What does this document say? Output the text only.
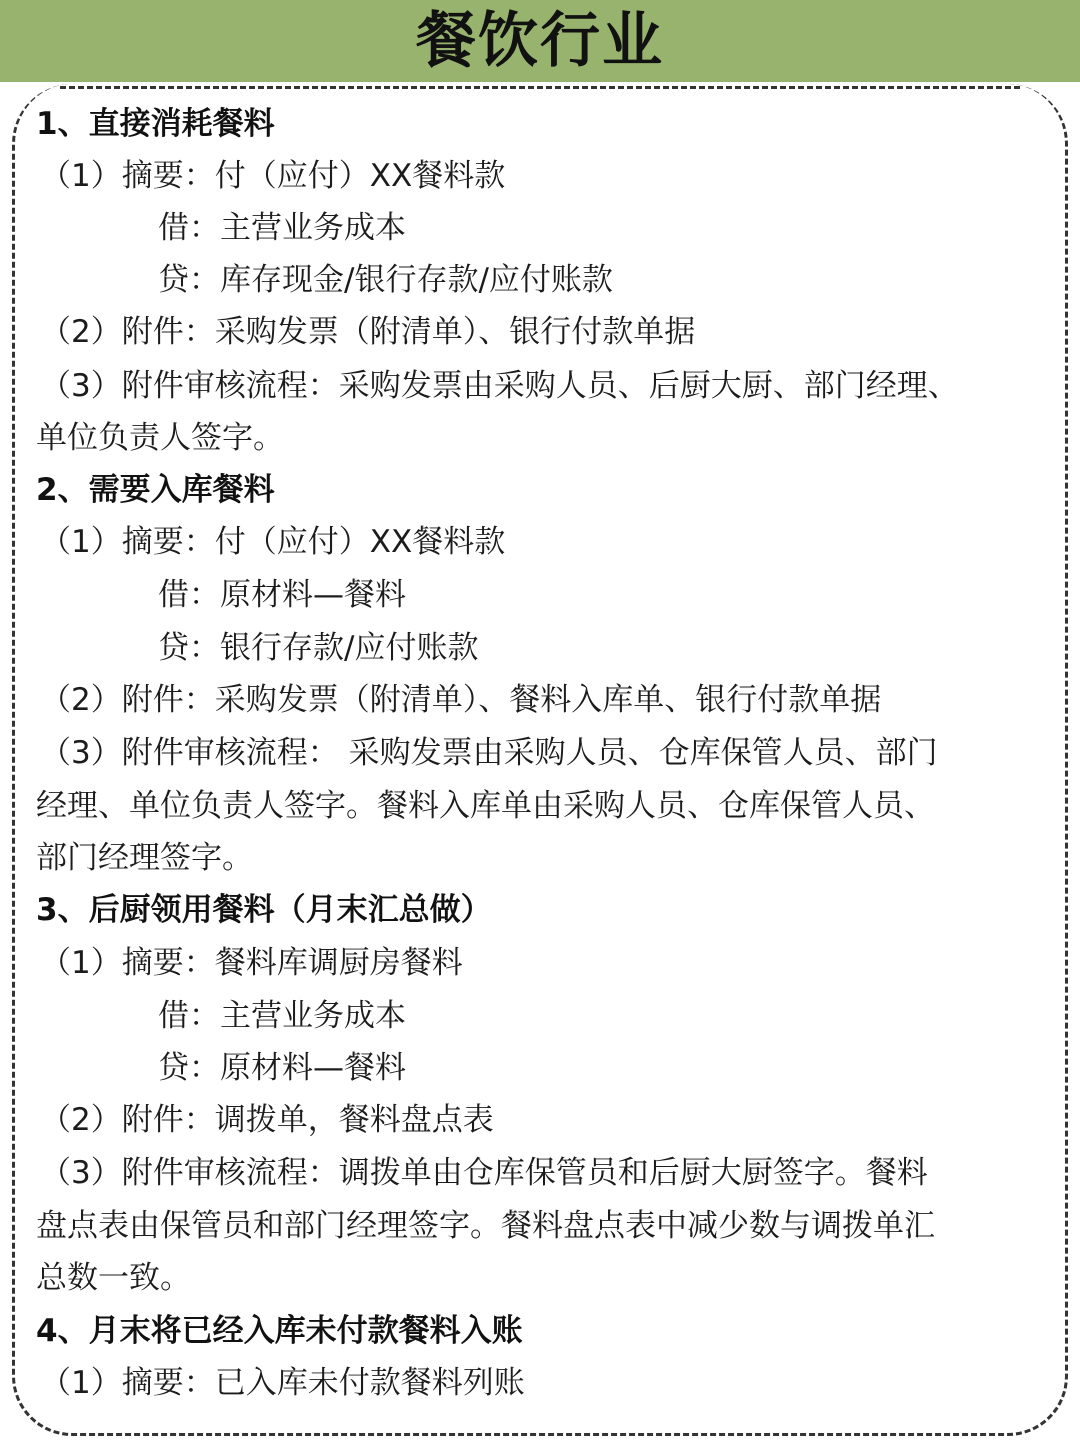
餐饮行业
1、直接消耗餐料
（1）摘要：付（应付）XX餐料款
借：主营业务成本
贷：库存现金/银行存款/应付账款
（2）附件：采购发票（附清单）、银行付款单据
（3）附件审核流程：采购发票由采购人员、后厨大厨、部门经理、
单位负责人签字。
2、需要入库餐料
（1）摘要：付（应付）XX餐料款
借：原材料—餐料
贷：银行存款/应付账款
（2）附件：采购发票（附清单）、餐料入库单、银行付款单据
（3）附件审核流程： 采购发票由采购人员、仓库保管人员、部门
经理、单位负责人签字。餐料入库单由采购人员、仓库保管人员、
部门经理签字。
3、后厨领用餐料（月末汇总做）
（1）摘要：餐料库调厨房餐料
借：主营业务成本
贷：原材料—餐料
（2）附件：调拨单，餐料盘点表
（3）附件审核流程：调拨单由仓库保管员和后厨大厨签字。餐料
盘点表由保管员和部门经理签字。餐料盘点表中减少数与调拨单汇
总数一致。
4、月末将已经入库未付款餐料入账
（1）摘要：已入库未付款餐料列账
